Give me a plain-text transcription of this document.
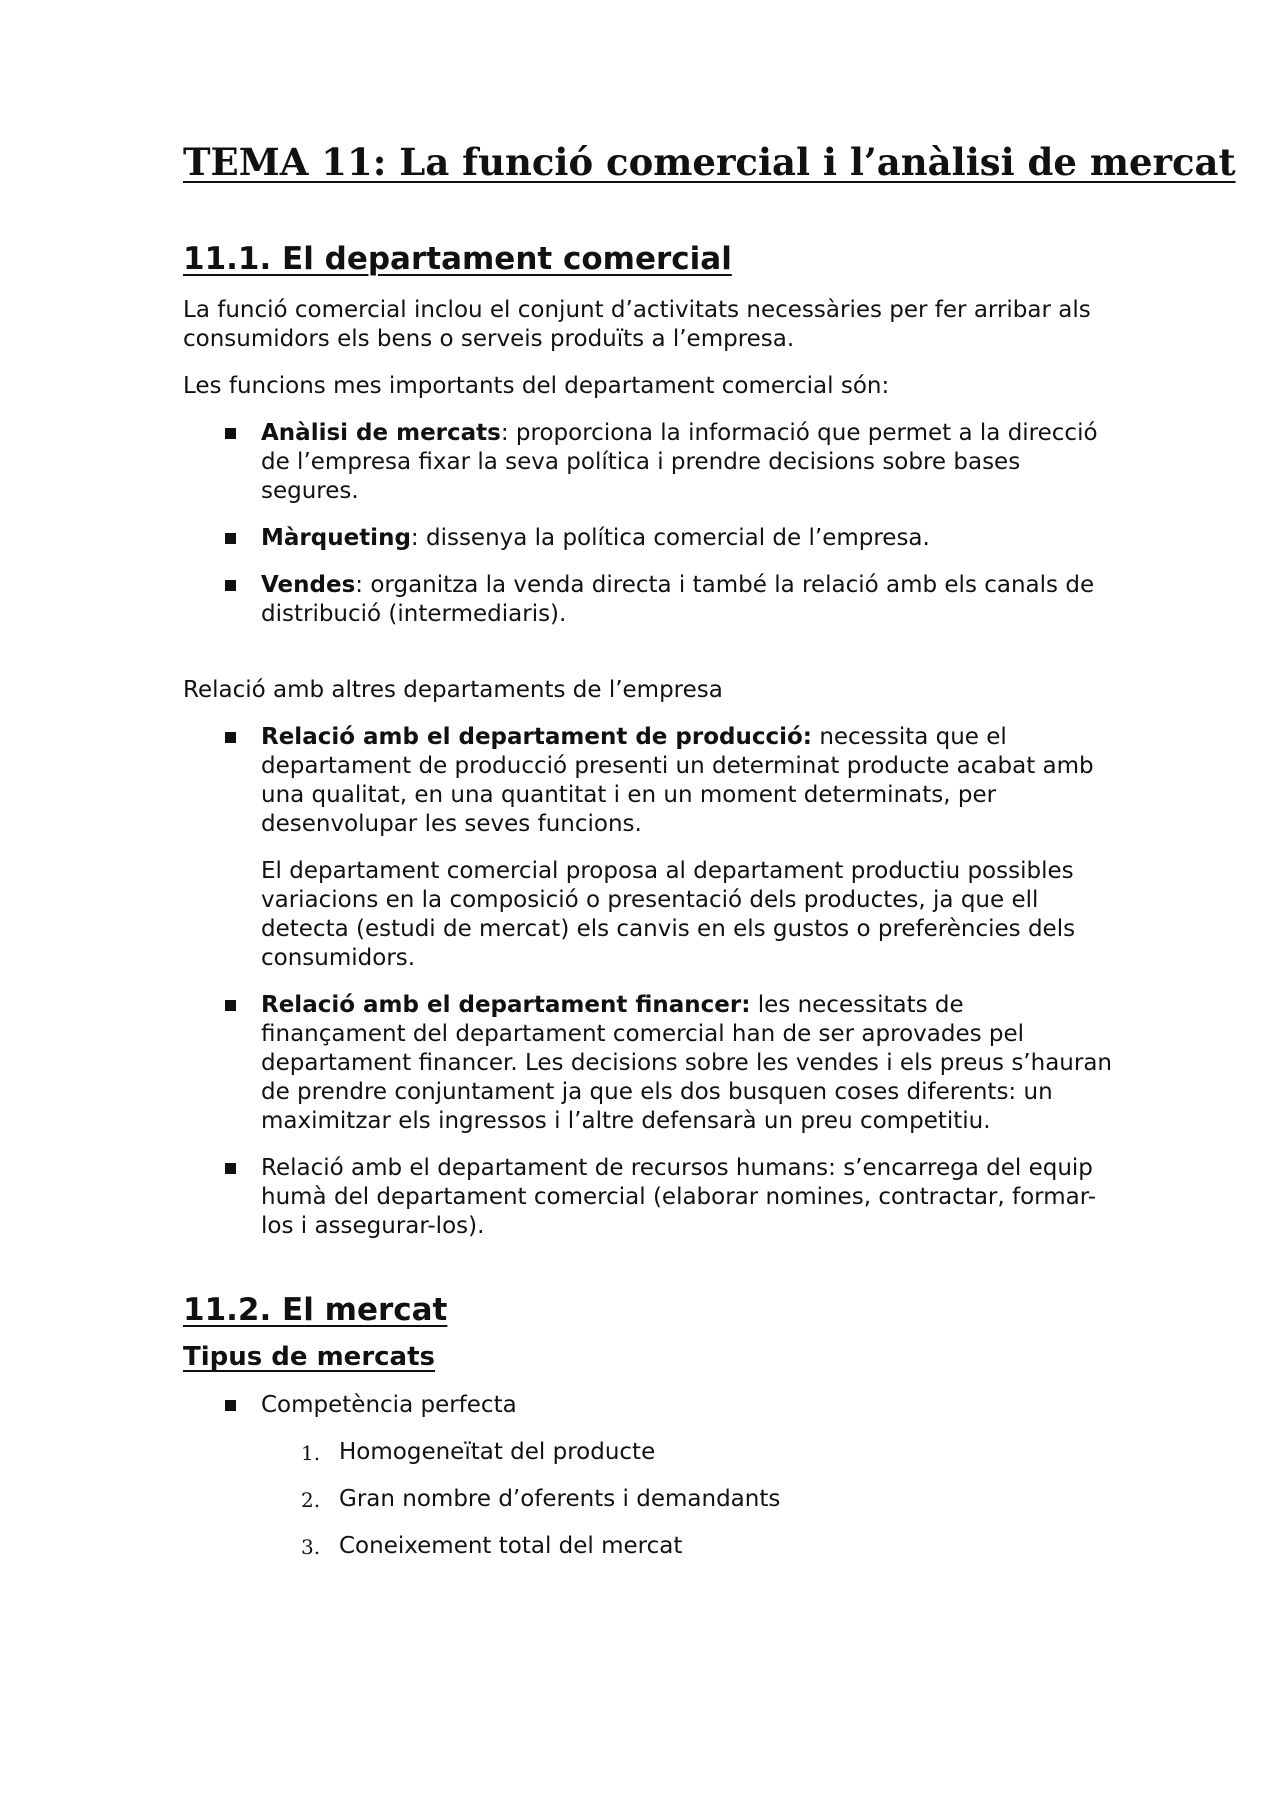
TEMA 11: La funció comercial i l’anàlisi de mercat
11.1. El departament comercial

La funció comercial inclou el conjunt d’activitats necessàries per fer arribar als consumidors els bens o serveis produïts a l’empresa.

Les funcions mes importants del departament comercial són:

Anàlisi de mercats: proporciona la informació que permet a la direcció de l’empresa fixar la seva política i prendre decisions sobre bases segures.
Màrqueting: dissenya la política comercial de l’empresa.
Vendes: organitza la venda directa i també la relació amb els canals de distribució (intermediaris).

Relació amb altres departaments de l’empresa

Relació amb el departament de producció: necessita que el departament de producció presenti un determinat producte acabat amb una qualitat, en una quantitat i en un moment determinats, per desenvolupar les seves funcions.
El departament comercial proposa al departament productiu possibles variacions en la composició o presentació dels productes, ja que ell detecta (estudi de mercat) els canvis en els gustos o preferències dels consumidors.
Relació amb el departament financer: les necessitats de finançament del departament comercial han de ser aprovades pel departament financer. Les decisions sobre les vendes i els preus s’hauran de prendre conjuntament ja que els dos busquen coses diferents: un maximitzar els ingressos i l’altre defensarà un preu competitiu.
Relació amb el departament de recursos humans: s’encarrega del equip humà del departament comercial (elaborar nomines, contractar, formar-los i assegurar-los).
11.2. El mercat
Tipus de mercats
Competència perfecta
1. Homogeneïtat del producte
2. Gran nombre d’oferents i demandants
3. Coneixement total del mercat
